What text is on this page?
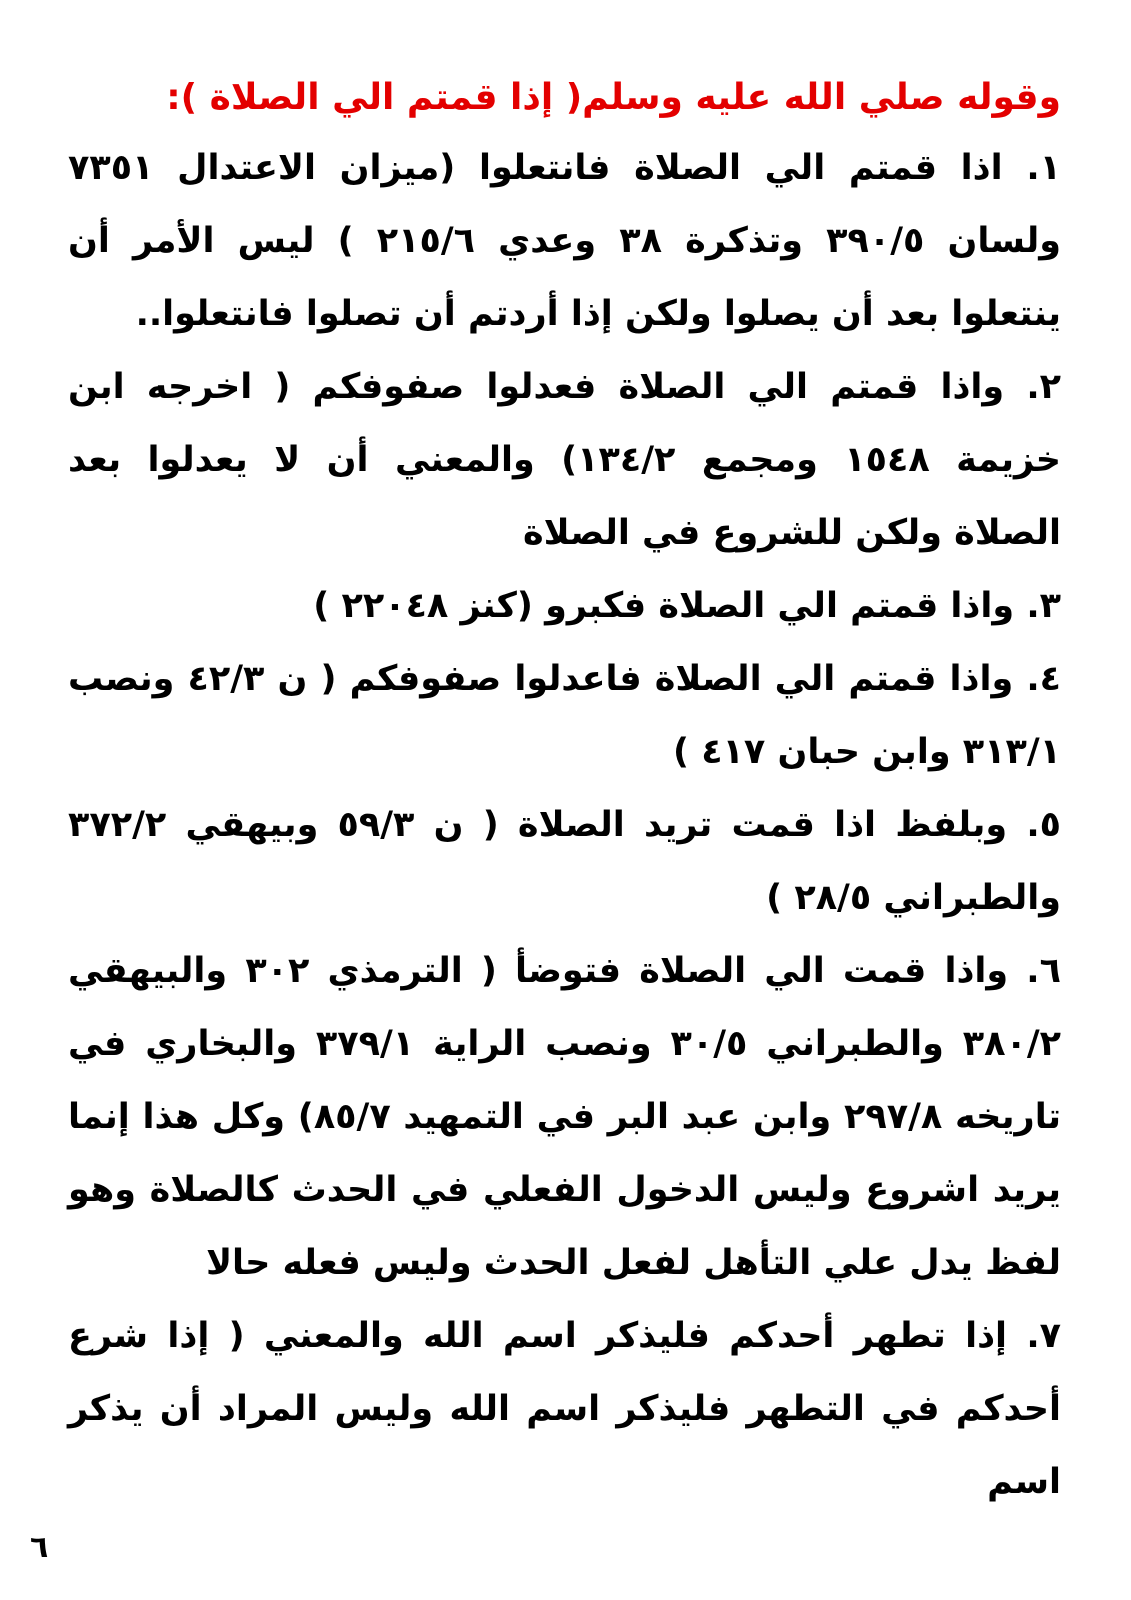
وقوله صلي الله عليه وسلم( إذا قمتم الي الصلاة ):

١. اذا قمتم الي الصلاة فانتعلوا (ميزان الاعتدال ٧٣٥١ ولسان ٣٩٠/٥ وتذكرة ٣٨ وعدي ٢١٥/٦ ) ليس الأمر أن ينتعلوا بعد أن يصلوا ولكن إذا أردتم أن تصلوا فانتعلوا..

٢. واذا قمتم الي الصلاة فعدلوا صفوفكم ( اخرجه ابن خزيمة ١٥٤٨ ومجمع ١٣٤/٢) والمعني أن لا يعدلوا بعد الصلاة ولكن للشروع في الصلاة

٣. واذا قمتم الي الصلاة فكبرو (كنز ٢٢٠٤٨ )

٤. واذا قمتم الي الصلاة فاعدلوا صفوفكم ( ن ٤٢/٣ ونصب ٣١٣/١ وابن حبان ٤١٧ )

٥. وبلفظ اذا قمت تريد الصلاة ( ن ٥٩/٣ وبيهقي ٣٧٢/٢ والطبراني ٢٨/٥ )

٦. واذا قمت الي الصلاة فتوضأ ( الترمذي ٣٠٢ والبيهقي ٣٨٠/٢ والطبراني ٣٠/٥ ونصب الراية ٣٧٩/١ والبخاري في تاريخه ٢٩٧/٨ وابن عبد البر في التمهيد ٨٥/٧) وكل هذا إنما يريد اشروع وليس الدخول الفعلي في الحدث كالصلاة وهو لفظ يدل علي التأهل لفعل الحدث وليس فعله حالا

٧. إذا تطهر أحدكم فليذكر اسم الله والمعني ( إذا شرع أحدكم في التطهر فليذكر اسم الله وليس المراد أن يذكر اسم

٦
